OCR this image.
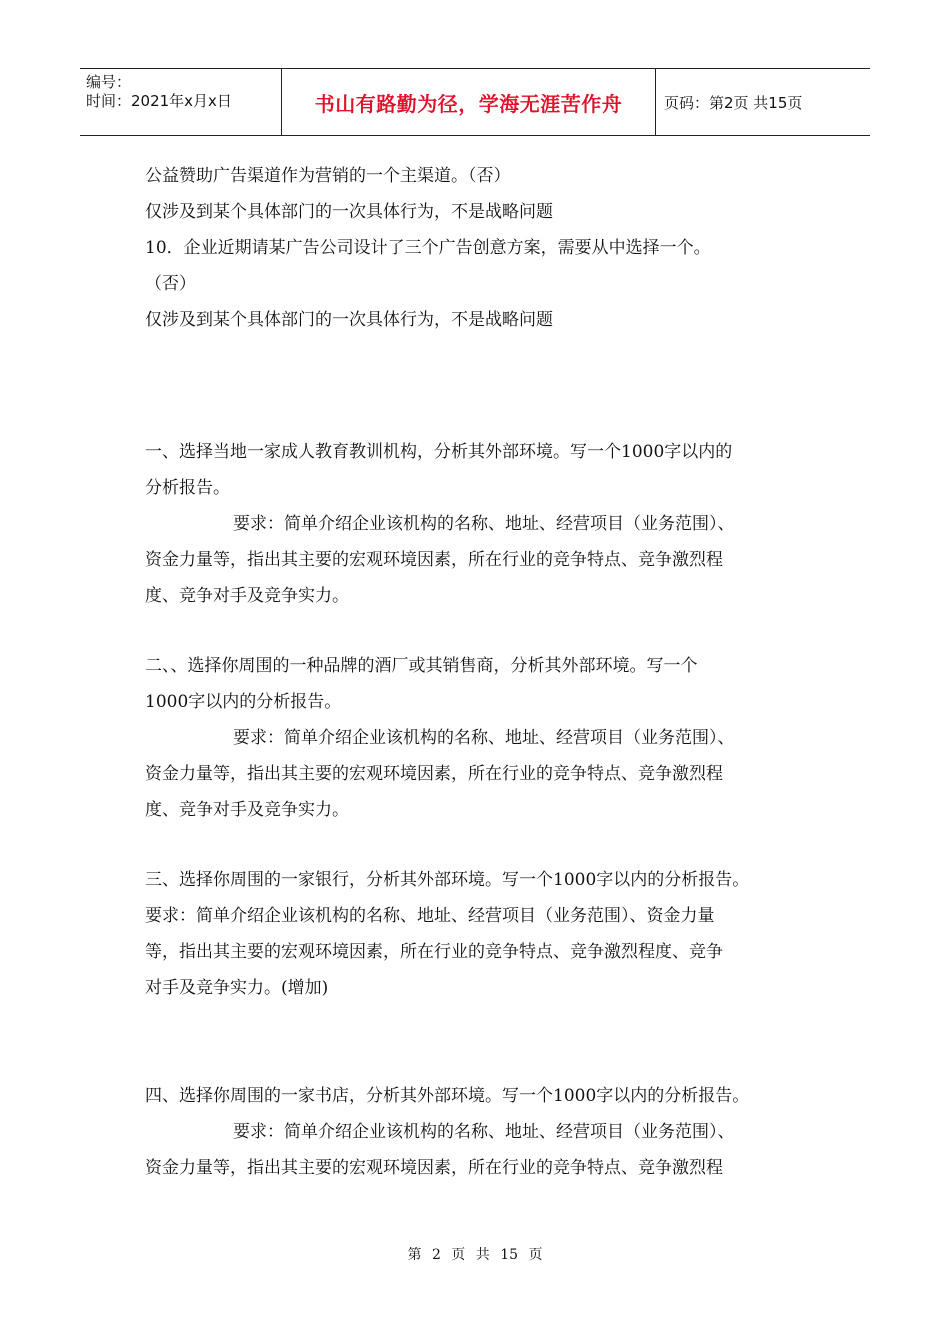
编号：
时间：2021年x月x日	书山有路勤为径，学海无涯苦作舟	页码：第2页 共15页

公益赞助广告渠道作为营销的一个主渠道。（否）

仅涉及到某个具体部门的一次具体行为，不是战略问题

10．企业近期请某广告公司设计了三个广告创意方案，需要从中选择一个。

（否）

仅涉及到某个具体部门的一次具体行为，不是战略问题

一、选择当地一家成人教育教训机构，分析其外部环境。写一个1000字以内的

分析报告。

要求：简单介绍企业该机构的名称、地址、经营项目（业务范围）、

资金力量等，指出其主要的宏观环境因素，所在行业的竞争特点、竞争激烈程

度、竞争对手及竞争实力。

二、、选择你周围的一种品牌的酒厂或其销售商，分析其外部环境。写一个

1000字以内的分析报告。

要求：简单介绍企业该机构的名称、地址、经营项目（业务范围）、

资金力量等，指出其主要的宏观环境因素，所在行业的竞争特点、竞争激烈程

度、竞争对手及竞争实力。

三、选择你周围的一家银行，分析其外部环境。写一个1000字以内的分析报告。

要求：简单介绍企业该机构的名称、地址、经营项目（业务范围）、资金力量

等，指出其主要的宏观环境因素，所在行业的竞争特点、竞争激烈程度、竞争

对手及竞争实力。(增加)

四、选择你周围的一家书店，分析其外部环境。写一个1000字以内的分析报告。

要求：简单介绍企业该机构的名称、地址、经营项目（业务范围）、

资金力量等，指出其主要的宏观环境因素，所在行业的竞争特点、竞争激烈程

第 2 页 共 15 页
